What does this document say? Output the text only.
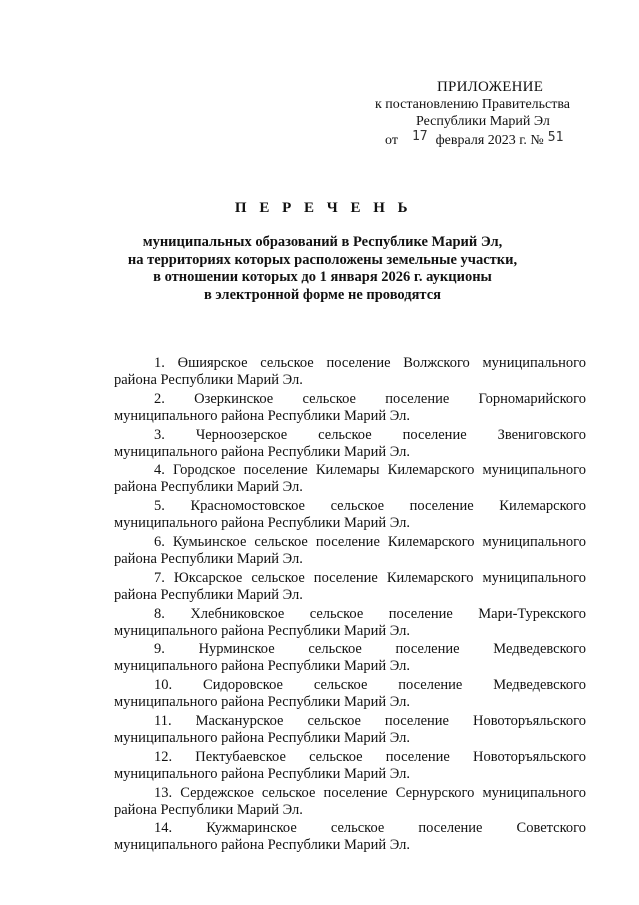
ПРИЛОЖЕНИЕ
к постановлению Правительства
Республики Марий Эл
от 17 февраля 2023 г. № 51
П Е Р Е Ч Е Н Ь
муниципальных образований в Республике Марий Эл,
на территориях которых расположены земельные участки,
в отношении которых до 1 января 2026 г. аукционы
в электронной форме не проводятся
1. Өшиярское сельское поселение Волжского муниципального
района Республики Марий Эл.
2. Озеркинское сельское поселение Горномарийского
муниципального района Республики Марий Эл.
3. Черноозерское сельское поселение Звениговского
муниципального района Республики Марий Эл.
4. Городское поселение Килемары Килемарского муниципального
района Республики Марий Эл.
5. Красномостовское сельское поселение Килемарского
муниципального района Республики Марий Эл.
6. Кумьинское сельское поселение Килемарского муниципального
района Республики Марий Эл.
7. Юксарское сельское поселение Килемарского муниципального
района Республики Марий Эл.
8. Хлебниковское сельское поселение Мари-Турекского
муниципального района Республики Марий Эл.
9. Нурминское сельское поселение Медведевского
муниципального района Республики Марий Эл.
10. Сидоровское сельское поселение Медведевского
муниципального района Республики Марий Эл.
11. Масканурское сельское поселение Новоторъяльского
муниципального района Республики Марий Эл.
12. Пектубаевское сельское поселение Новоторъяльского
муниципального района Республики Марий Эл.
13. Сердежское сельское поселение Сернурского муниципального
района Республики Марий Эл.
14. Кужмаринское сельское поселение Советского
муниципального района Республики Марий Эл.
